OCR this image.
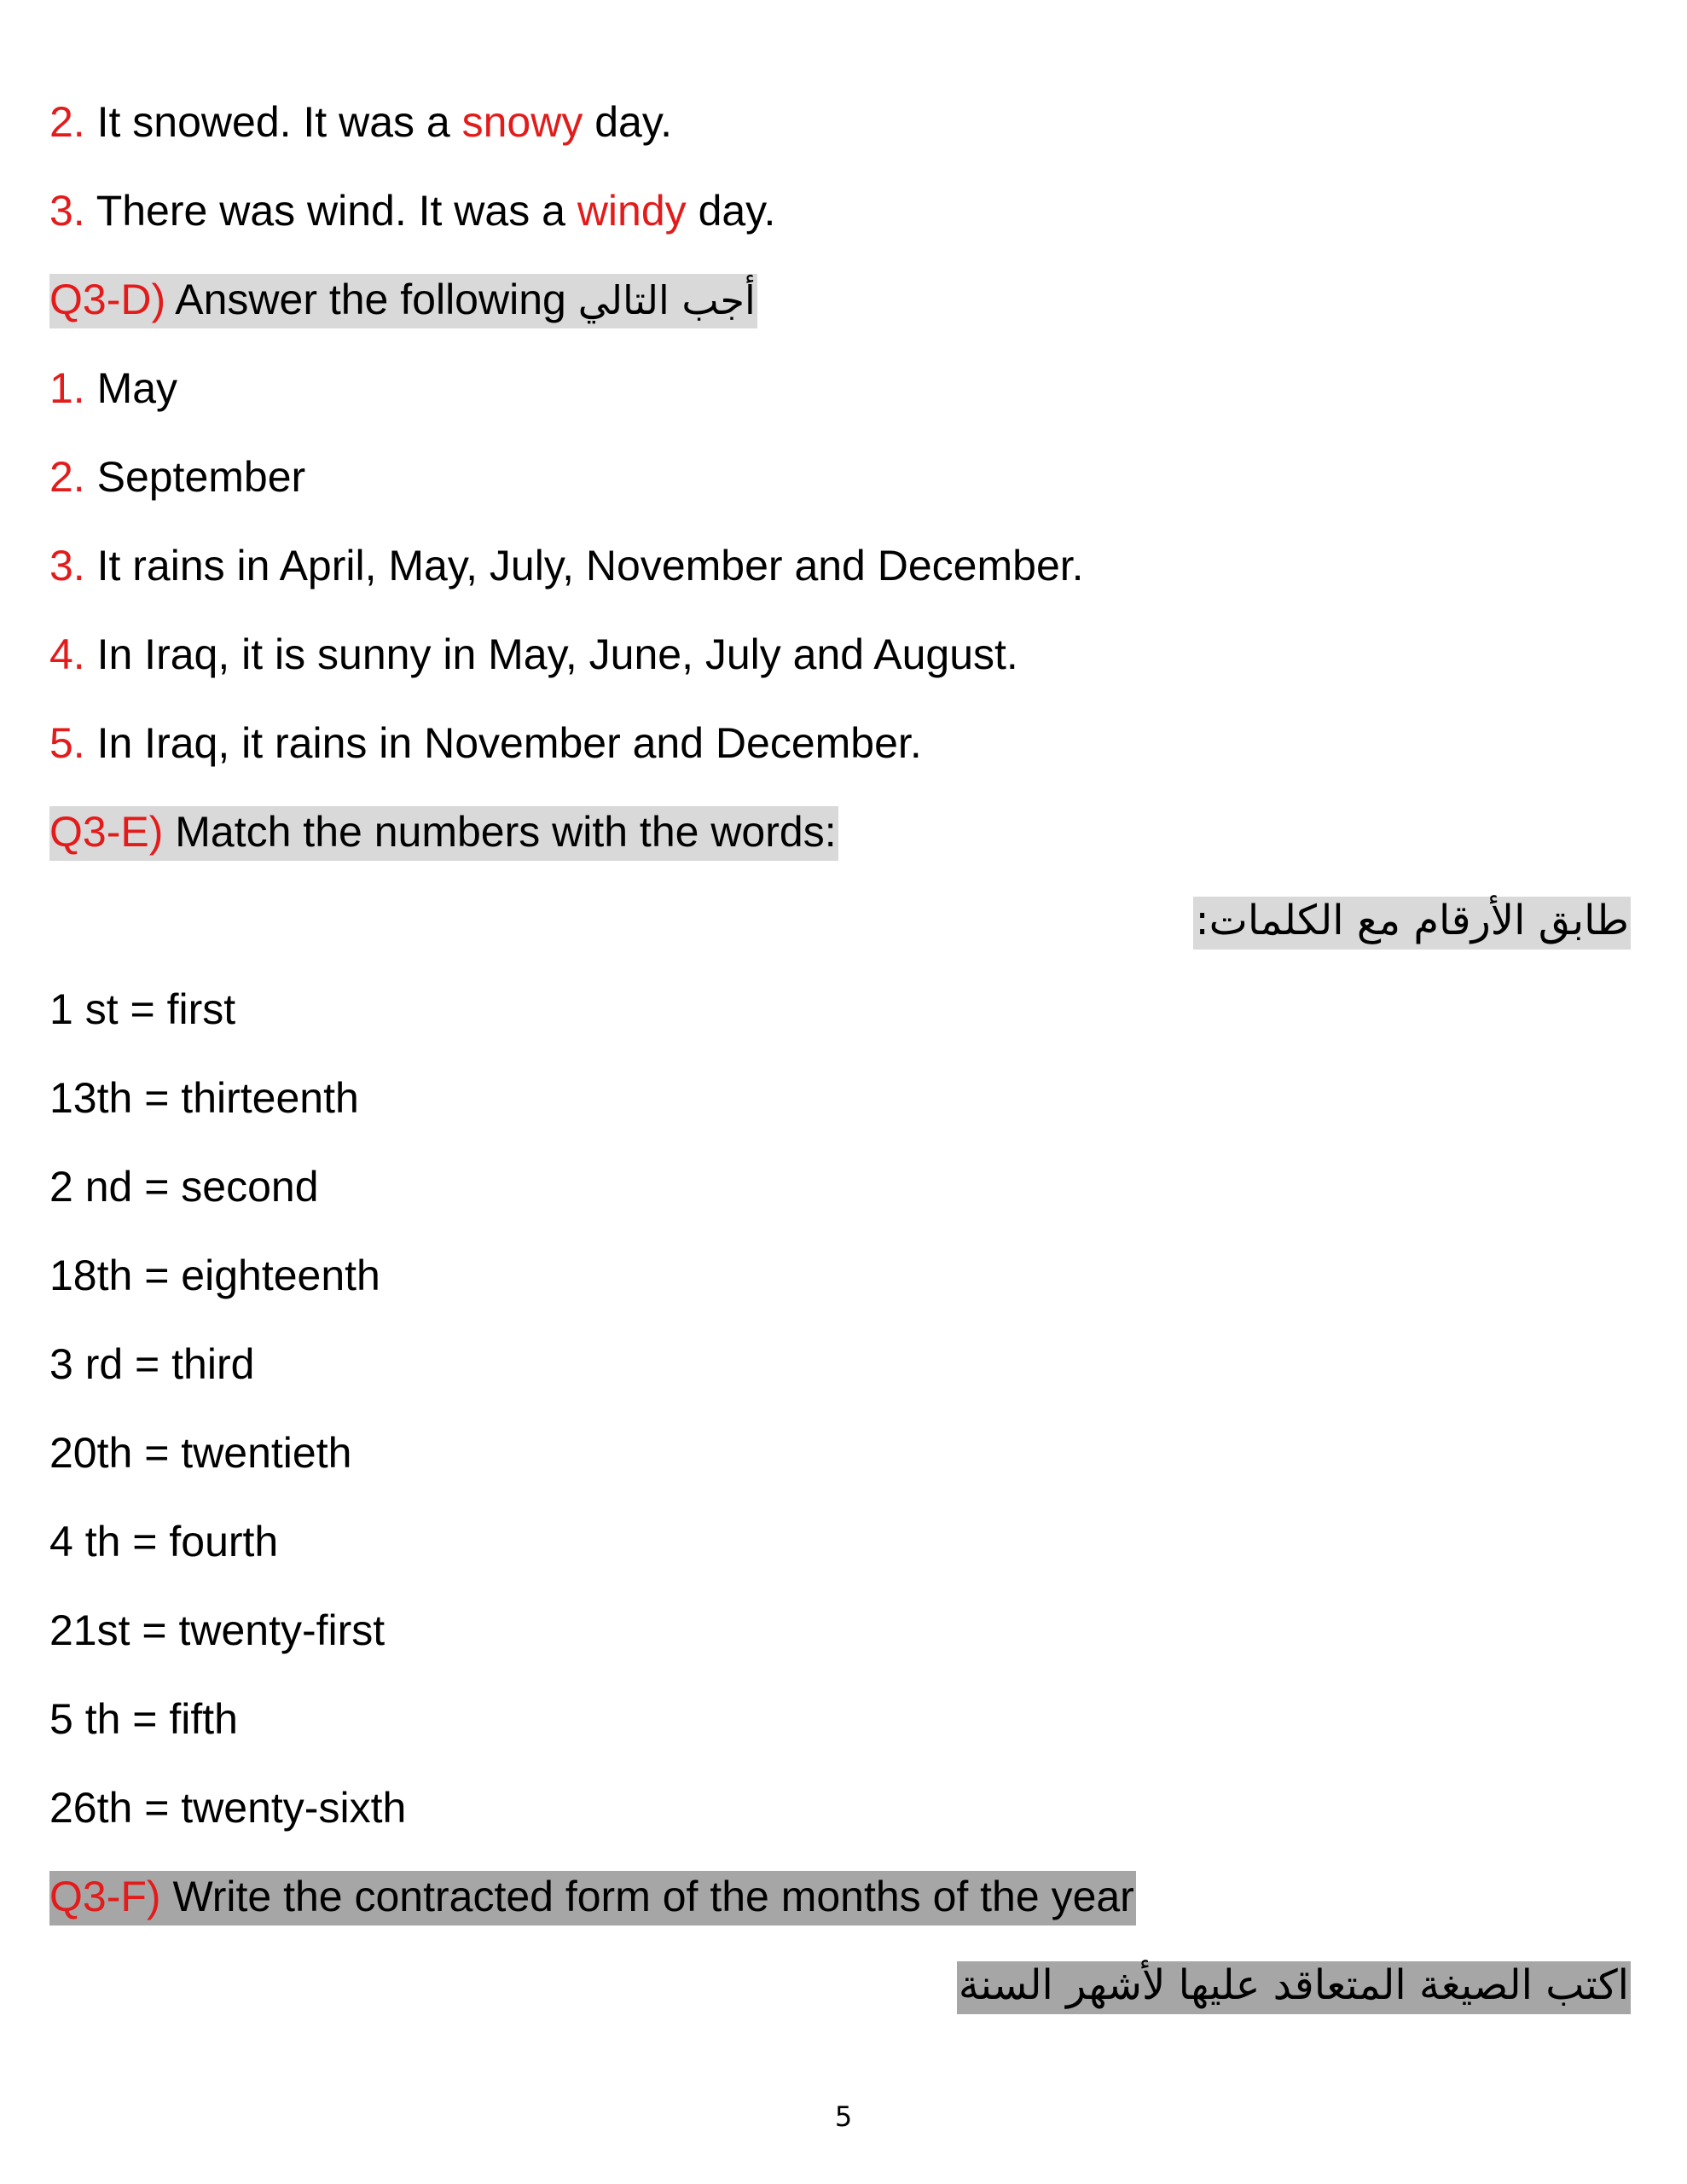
2. It snowed. It was a snowy day.
3. There was wind. It was a windy day.
Q3-D) Answer the following أجب التالي
1. May
2. September
3. It rains in April, May, July, November and December.
4. In Iraq, it is sunny in May, June, July and August.
5. In Iraq, it rains in November and December.
Q3-E) Match the numbers with the words:
طابق الأرقام مع الكلمات:
1 st = first
13th = thirteenth
2 nd = second
18th = eighteenth
3 rd = third
20th = twentieth
4 th = fourth
21st = twenty-first
5 th = fifth
26th = twenty-sixth
Q3-F) Write the contracted form of the months of the year
اكتب الصيغة المتعاقد عليها لأشهر السنة
5
